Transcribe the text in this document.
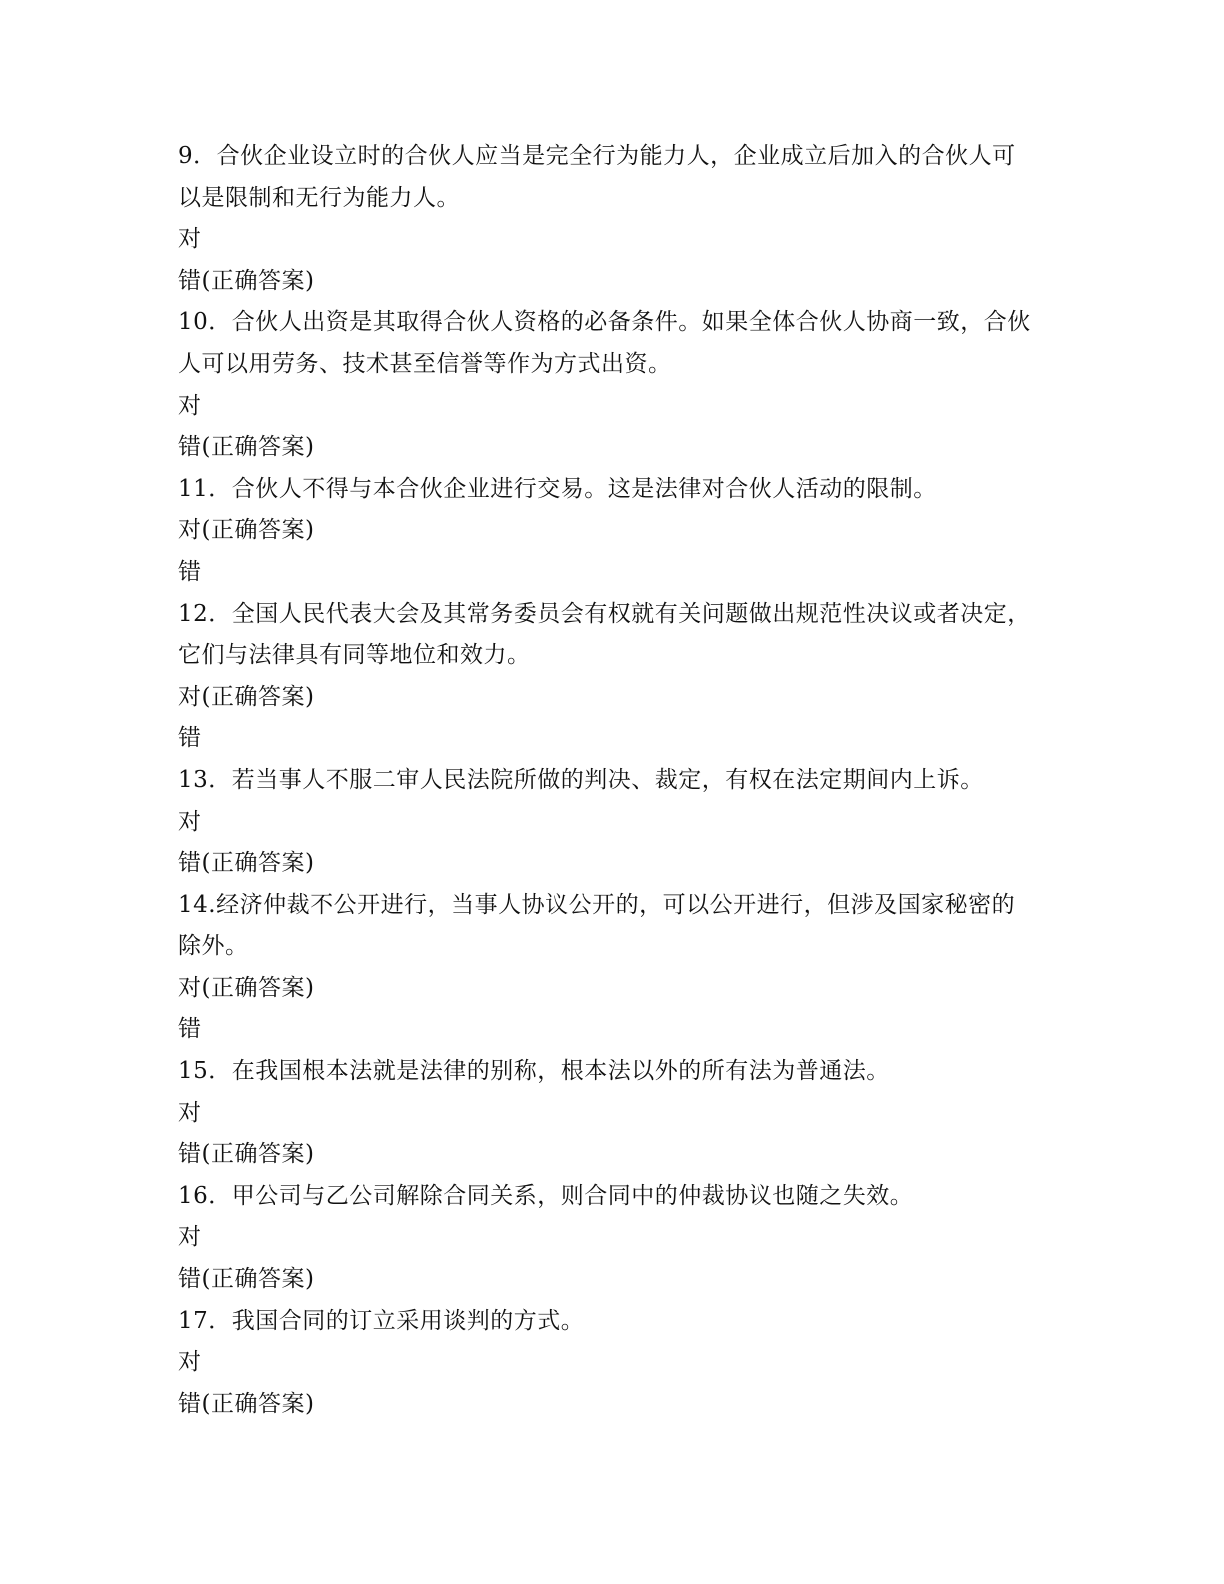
9．合伙企业设立时的合伙人应当是完全行为能力人，企业成立后加入的合伙人可
以是限制和无行为能力人。
对
错(正确答案)
10．合伙人出资是其取得合伙人资格的必备条件。如果全体合伙人协商一致，合伙
人可以用劳务、技术甚至信誉等作为方式出资。
对
错(正确答案)
11．合伙人不得与本合伙企业进行交易。这是法律对合伙人活动的限制。
对(正确答案)
错
12．全国人民代表大会及其常务委员会有权就有关问题做出规范性决议或者决定，
它们与法律具有同等地位和效力。
对(正确答案)
错
13．若当事人不服二审人民法院所做的判决、裁定，有权在法定期间内上诉。
对
错(正确答案)
14.经济仲裁不公开进行，当事人协议公开的，可以公开进行，但涉及国家秘密的
除外。
对(正确答案)
错
15．在我国根本法就是法律的别称，根本法以外的所有法为普通法。
对
错(正确答案)
16．甲公司与乙公司解除合同关系，则合同中的仲裁协议也随之失效。
对
错(正确答案)
17．我国合同的订立采用谈判的方式。
对
错(正确答案)
